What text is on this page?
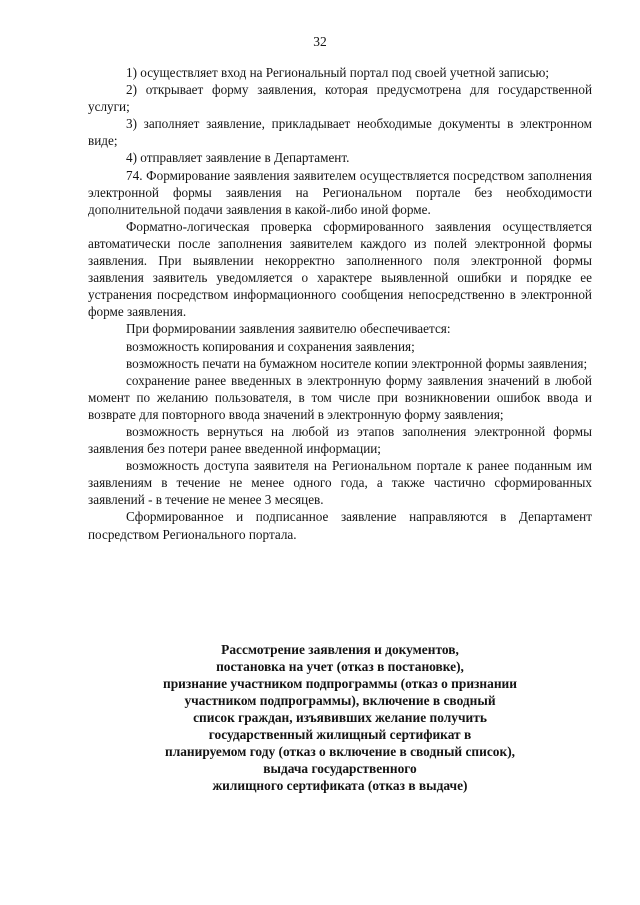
32

1) осуществляет вход на Региональный портал под своей учетной записью;

2) открывает форму заявления, которая предусмотрена для государственной услуги;

3) заполняет заявление, прикладывает необходимые документы в электронном виде;

4) отправляет заявление в Департамент.

74. Формирование заявления заявителем осуществляется посредством заполнения электронной формы заявления на Региональном портале без необходимости дополнительной подачи заявления в какой-либо иной форме.

Форматно-логическая проверка сформированного заявления осуществляется автоматически после заполнения заявителем каждого из полей электронной формы заявления. При выявлении некорректно заполненного поля электронной формы заявления заявитель уведомляется о характере выявленной ошибки и порядке ее устранения посредством информационного сообщения непосредственно в электронной форме заявления.

При формировании заявления заявителю обеспечивается:

возможность копирования и сохранения заявления;

возможность печати на бумажном носителе копии электронной формы заявления;

сохранение ранее введенных в электронную форму заявления значений в любой момент по желанию пользователя, в том числе при возникновении ошибок ввода и возврате для повторного ввода значений в электронную форму заявления;

возможность вернуться на любой из этапов заполнения электронной формы заявления без потери ранее введенной информации;

возможность доступа заявителя на Региональном портале к ранее поданным им заявлениям в течение не менее одного года, а также частично сформированных заявлений - в течение не менее 3 месяцев.

Сформированное и подписанное заявление направляются в Департамент посредством Регионального портала.

Рассмотрение заявления и документов,
постановка на учет (отказ в постановке),
признание участником подпрограммы (отказ о признании
участником подпрограммы), включение в сводный
список граждан, изъявивших желание получить
государственный жилищный сертификат в
планируемом году (отказ о включение в сводный список),
выдача государственного
жилищного сертификата (отказ в выдаче)
